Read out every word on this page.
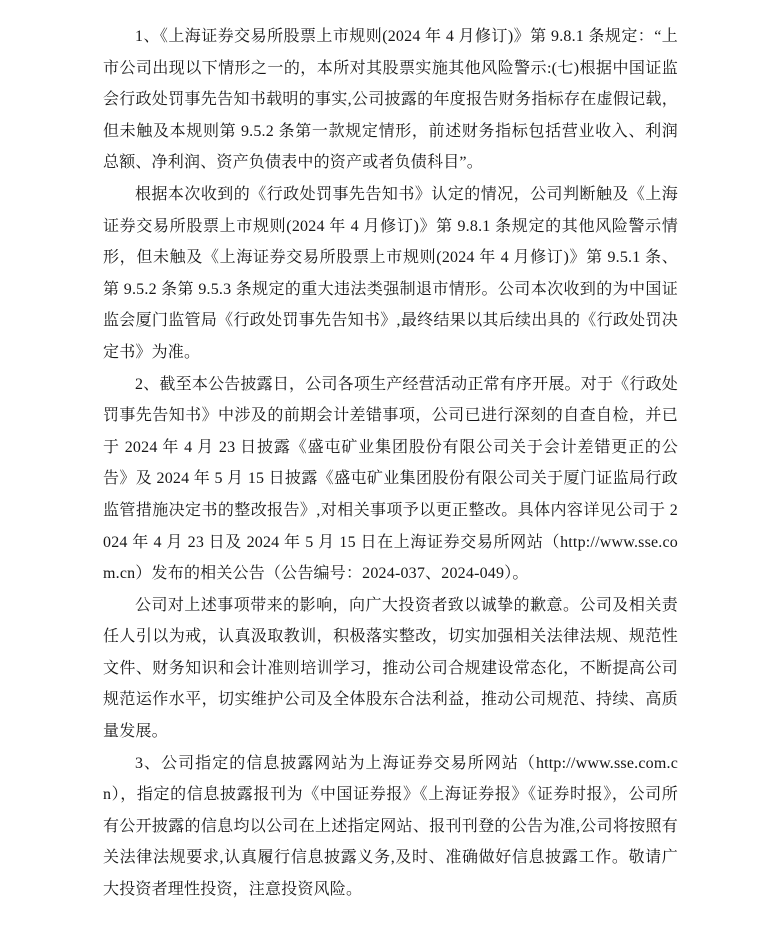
1、《上海证券交易所股票上市规则(2024 年 4 月修订)》第 9.8.1 条规定：“上市公司出现以下情形之一的，本所对其股票实施其他风险警示:(七)根据中国证监会行政处罚事先告知书载明的事实,公司披露的年度报告财务指标存在虚假记载，但未触及本规则第 9.5.2 条第一款规定情形，前述财务指标包括营业收入、利润总额、净利润、资产负债表中的资产或者负债科目”。

根据本次收到的《行政处罚事先告知书》认定的情况，公司判断触及《上海证券交易所股票上市规则(2024 年 4 月修订)》第 9.8.1 条规定的其他风险警示情形，但未触及《上海证券交易所股票上市规则(2024 年 4 月修订)》第 9.5.1 条、第 9.5.2 条第 9.5.3 条规定的重大违法类强制退市情形。公司本次收到的为中国证监会厦门监管局《行政处罚事先告知书》,最终结果以其后续出具的《行政处罚决定书》为准。

2、截至本公告披露日，公司各项生产经营活动正常有序开展。对于《行政处罚事先告知书》中涉及的前期会计差错事项，公司已进行深刻的自查自检，并已于 2024 年 4 月 23 日披露《盛屯矿业集团股份有限公司关于会计差错更正的公告》及 2024 年 5 月 15 日披露《盛屯矿业集团股份有限公司关于厦门证监局行政监管措施决定书的整改报告》,对相关事项予以更正整改。具体内容详见公司于 2024 年 4 月 23 日及 2024 年 5 月 15 日在上海证券交易所网站（http://www.sse.com.cn）发布的相关公告（公告编号：2024-037、2024-049）。

公司对上述事项带来的影响，向广大投资者致以诚挚的歉意。公司及相关责任人引以为戒，认真汲取教训，积极落实整改，切实加强相关法律法规、规范性文件、财务知识和会计准则培训学习，推动公司合规建设常态化，不断提高公司规范运作水平，切实维护公司及全体股东合法利益，推动公司规范、持续、高质量发展。

3、公司指定的信息披露网站为上海证券交易所网站（http://www.sse.com.cn），指定的信息披露报刊为《中国证券报》《上海证券报》《证券时报》，公司所有公开披露的信息均以公司在上述指定网站、报刊刊登的公告为准,公司将按照有关法律法规要求,认真履行信息披露义务,及时、准确做好信息披露工作。敬请广大投资者理性投资，注意投资风险。
